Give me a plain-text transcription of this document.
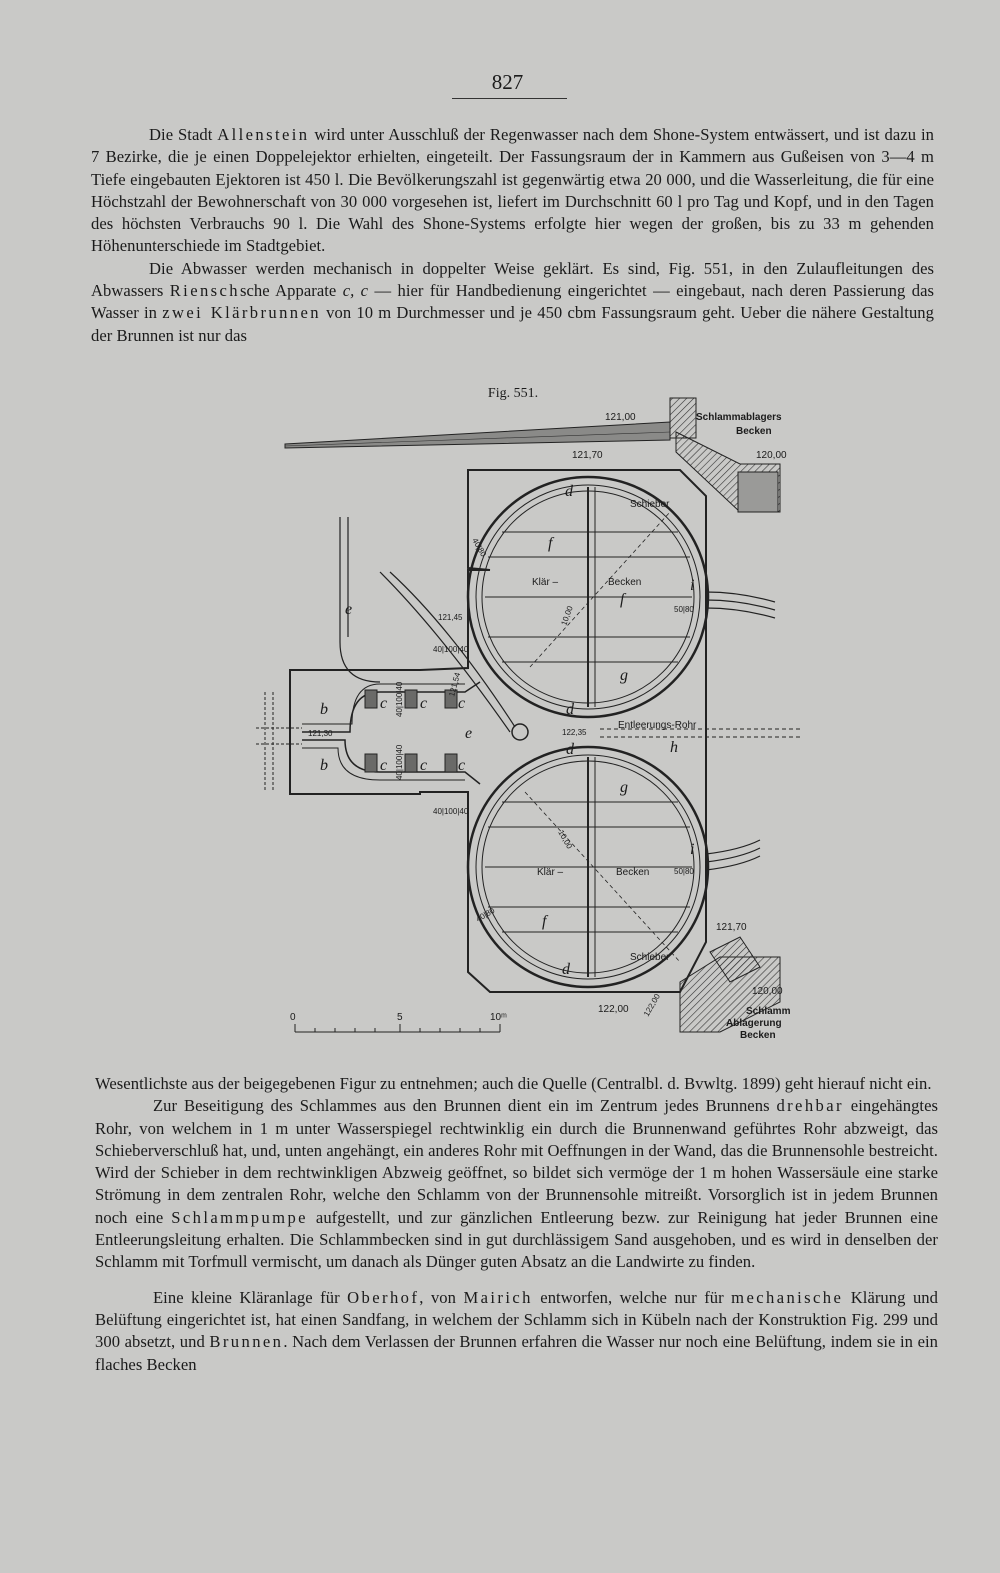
827

Die Stadt Allenstein wird unter Ausschluß der Regenwasser nach dem Shone-System entwässert, und ist dazu in 7 Bezirke, die je einen Doppelejektor erhielten, eingeteilt. Der Fassungsraum der in Kammern aus Gußeisen von 3—4 m Tiefe eingebauten Ejektoren ist 450 l. Die Bevölkerungszahl ist gegenwärtig etwa 20 000, und die Wasserleitung, die für eine Höchstzahl der Bewohnerschaft von 30 000 vorgesehen ist, liefert im Durchschnitt 60 l pro Tag und Kopf, und in den Tagen des höchsten Verbrauchs 90 l. Die Wahl des Shone-Systems erfolgte hier wegen der großen, bis zu 33 m gehenden Höhenunterschiede im Stadtgebiet.

Die Abwasser werden mechanisch in doppelter Weise geklärt. Es sind, Fig. 551, in den Zulaufleitungen des Abwassers Rienschsche Apparate c, c — hier für Handbedienung eingerichtet — eingebaut, nach deren Passierung das Wasser in zwei Klärbrunnen von 10 m Durchmesser und je 450 cbm Fassungsraum geht. Ueber die nähere Gestaltung der Brunnen ist nur das

Fig. 551.
121,00	Schlammablagers
Becken
121,70	120,00
Schieber
Klär –	Becken
d
f
f
i
e
g
c c c
c c c
b
b
e
d
d	h
g
i
f
d
Entleerungs-Rohr
122,35
Klär –	Becken
Schieber
121,70
120,00
122,00 122,00	Schlamm
Ablagerung
Becken
10,00
10,00
50|80
50|80
40|80
40|80
121,45
121,54
121,30
40|100|40
40|100|40
40|100|40
40|100|40
0	5	10ᵐ

Wesentlichste aus der beigegebenen Figur zu entnehmen; auch die Quelle (Centralbl. d. Bvwltg. 1899) geht hierauf nicht ein.

Zur Beseitigung des Schlammes aus den Brunnen dient ein im Zentrum jedes Brunnens drehbar eingehängtes Rohr, von welchem in 1 m unter Wasserspiegel rechtwinklig ein durch die Brunnenwand geführtes Rohr abzweigt, das Schieberverschluß hat, und, unten angehängt, ein anderes Rohr mit Oeffnungen in der Wand, das die Brunnensohle bestreicht. Wird der Schieber in dem rechtwinkligen Abzweig geöffnet, so bildet sich vermöge der 1 m hohen Wassersäule eine starke Strömung in dem zentralen Rohr, welche den Schlamm von der Brunnensohle mitreißt. Vorsorglich ist in jedem Brunnen noch eine Schlammpumpe aufgestellt, und zur gänzlichen Entleerung bezw. zur Reinigung hat jeder Brunnen eine Entleerungsleitung erhalten. Die Schlammbecken sind in gut durchlässigem Sand ausgehoben, und es wird in denselben der Schlamm mit Torfmull vermischt, um danach als Dünger guten Absatz an die Landwirte zu finden.

Eine kleine Kläranlage für Oberhof, von Mairich entworfen, welche nur für mechanische Klärung und Belüftung eingerichtet ist, hat einen Sandfang, in welchem der Schlamm sich in Kübeln nach der Konstruktion Fig. 299 und 300 absetzt, und Brunnen. Nach dem Verlassen der Brunnen erfahren die Wasser nur noch eine Belüftung, indem sie in ein flaches Becken
